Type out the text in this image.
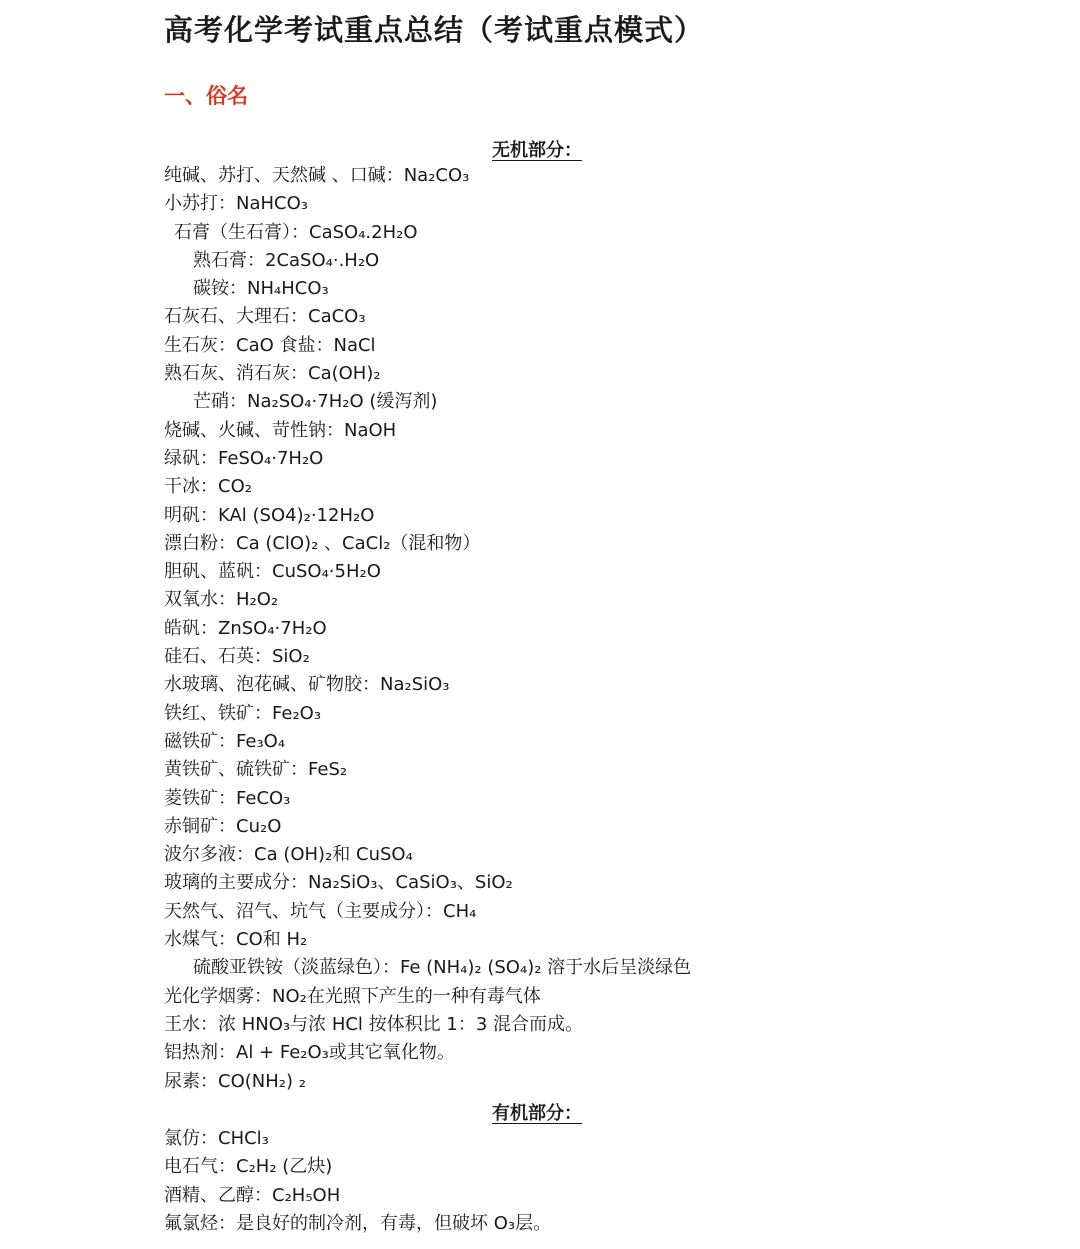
高考化学考试重点总结（考试重点模式）
一、俗名
无机部分：
纯碱、苏打、天然碱 、口碱：Na₂CO₃
小苏打：NaHCO₃
石膏（生石膏）：CaSO₄.2H₂O
熟石膏：2CaSO₄·.H₂O
碳铵：NH₄HCO₃
石灰石、大理石：CaCO₃
生石灰：CaO 食盐：NaCl
熟石灰、消石灰：Ca(OH)₂
芒硝：Na₂SO₄·7H₂O (缓泻剂)
烧碱、火碱、苛性钠：NaOH
绿矾：FeSO₄·7H₂O
干冰：CO₂
明矾：KAl (SO4)₂·12H₂O
漂白粉：Ca (ClO)₂ 、CaCl₂（混和物）
胆矾、蓝矾：CuSO₄·5H₂O
双氧水：H₂O₂
皓矾：ZnSO₄·7H₂O
硅石、石英：SiO₂
水玻璃、泡花碱、矿物胶：Na₂SiO₃
铁红、铁矿：Fe₂O₃
磁铁矿：Fe₃O₄
黄铁矿、硫铁矿：FeS₂
菱铁矿：FeCO₃
赤铜矿：Cu₂O
波尔多液：Ca (OH)₂和 CuSO₄
玻璃的主要成分：Na₂SiO₃、CaSiO₃、SiO₂
天然气、沼气、坑气（主要成分）：CH₄
水煤气：CO和 H₂
硫酸亚铁铵（淡蓝绿色）：Fe (NH₄)₂ (SO₄)₂ 溶于水后呈淡绿色
光化学烟雾：NO₂在光照下产生的一种有毒气体
王水：浓 HNO₃与浓 HCl 按体积比 1：3 混合而成。
铝热剂：Al + Fe₂O₃或其它氧化物。
尿素：CO(NH₂) ₂
有机部分：
氯仿：CHCl₃
电石气：C₂H₂ (乙炔)
酒精、乙醇：C₂H₅OH
氟氯烃：是良好的制冷剂，有毒，但破坏 O₃层。
